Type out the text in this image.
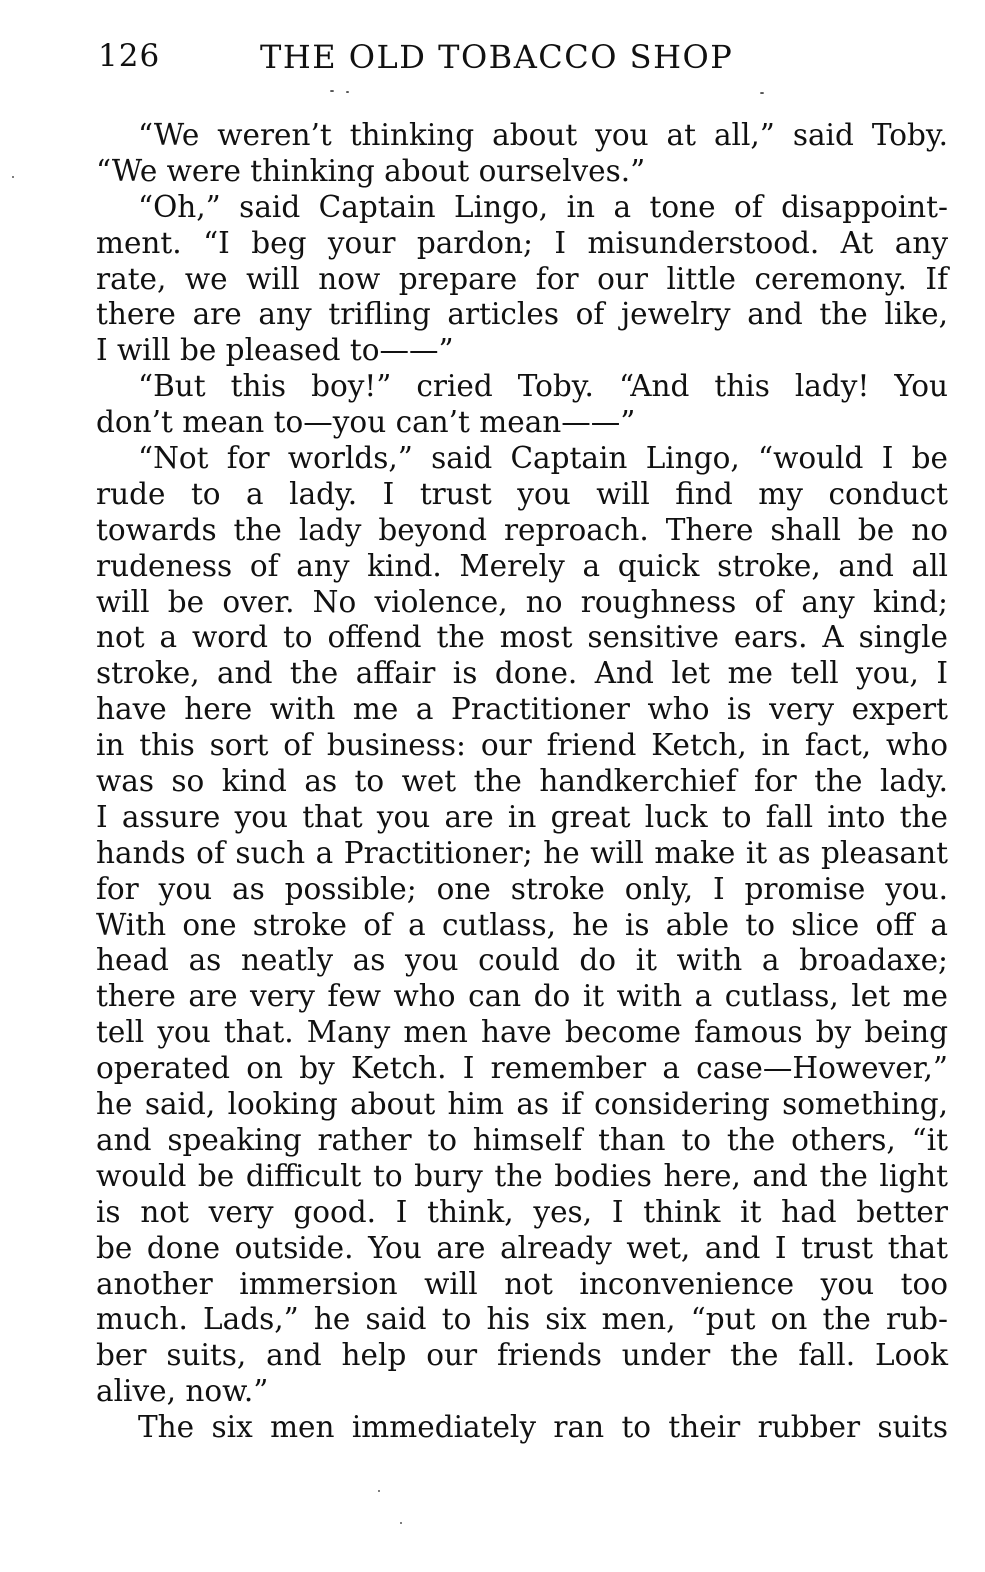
126	THE OLD TOBACCO SHOP
“We weren’t thinking about you at all,” said Toby.
“We were thinking about ourselves.”
“Oh,” said Captain Lingo, in a tone of disappoint-
ment. “I beg your pardon; I misunderstood. At any
rate, we will now prepare for our little ceremony. If
there are any trifling articles of jewelry and the like,
I will be pleased to——”
“But this boy!” cried Toby. “And this lady! You
don’t mean to—you can’t mean——”
“Not for worlds,” said Captain Lingo, “would I be
rude to a lady. I trust you will find my conduct
towards the lady beyond reproach. There shall be no
rudeness of any kind. Merely a quick stroke, and all
will be over. No violence, no roughness of any kind;
not a word to offend the most sensitive ears. A single
stroke, and the affair is done. And let me tell you, I
have here with me a Practitioner who is very expert
in this sort of business: our friend Ketch, in fact, who
was so kind as to wet the handkerchief for the lady.
I assure you that you are in great luck to fall into the
hands of such a Practitioner; he will make it as pleasant
for you as possible; one stroke only, I promise you.
With one stroke of a cutlass, he is able to slice off a
head as neatly as you could do it with a broadaxe;
there are very few who can do it with a cutlass, let me
tell you that. Many men have become famous by being
operated on by Ketch. I remember a case—However,”
he said, looking about him as if considering something,
and speaking rather to himself than to the others, “it
would be difficult to bury the bodies here, and the light
is not very good. I think, yes, I think it had better
be done outside. You are already wet, and I trust that
another immersion will not inconvenience you too
much. Lads,” he said to his six men, “put on the rub-
ber suits, and help our friends under the fall. Look
alive, now.”
The six men immediately ran to their rubber suits
